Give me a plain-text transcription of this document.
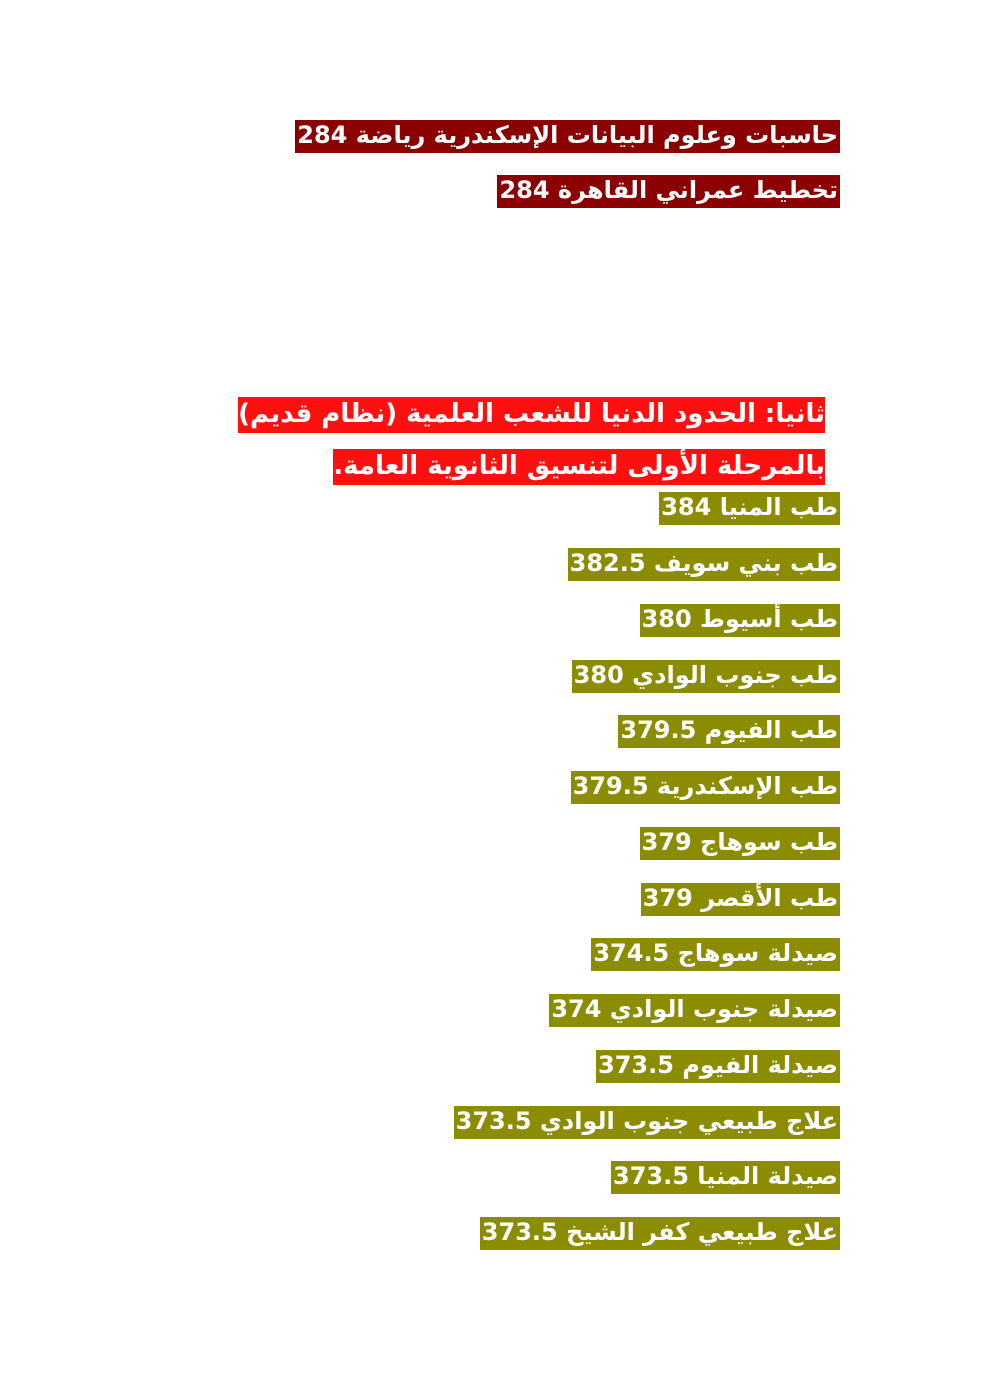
حاسبات وعلوم البيانات الإسكندرية رياضة 284
تخطيط عمراني القاهرة 284
ثانيا: الحدود الدنيا للشعب العلمية (نظام قديم) بالمرحلة الأولى لتنسيق الثانوية العامة.
طب المنيا 384
طب بني سويف 382.5
طب أسيوط 380
طب جنوب الوادي 380
طب الفيوم 379.5
طب الإسكندرية 379.5
طب سوهاج 379
طب الأقصر 379
صيدلة سوهاج 374.5
صيدلة جنوب الوادي 374
صيدلة الفيوم 373.5
علاج طبيعي جنوب الوادي 373.5
صيدلة المنيا 373.5
علاج طبيعي كفر الشيخ 373.5
